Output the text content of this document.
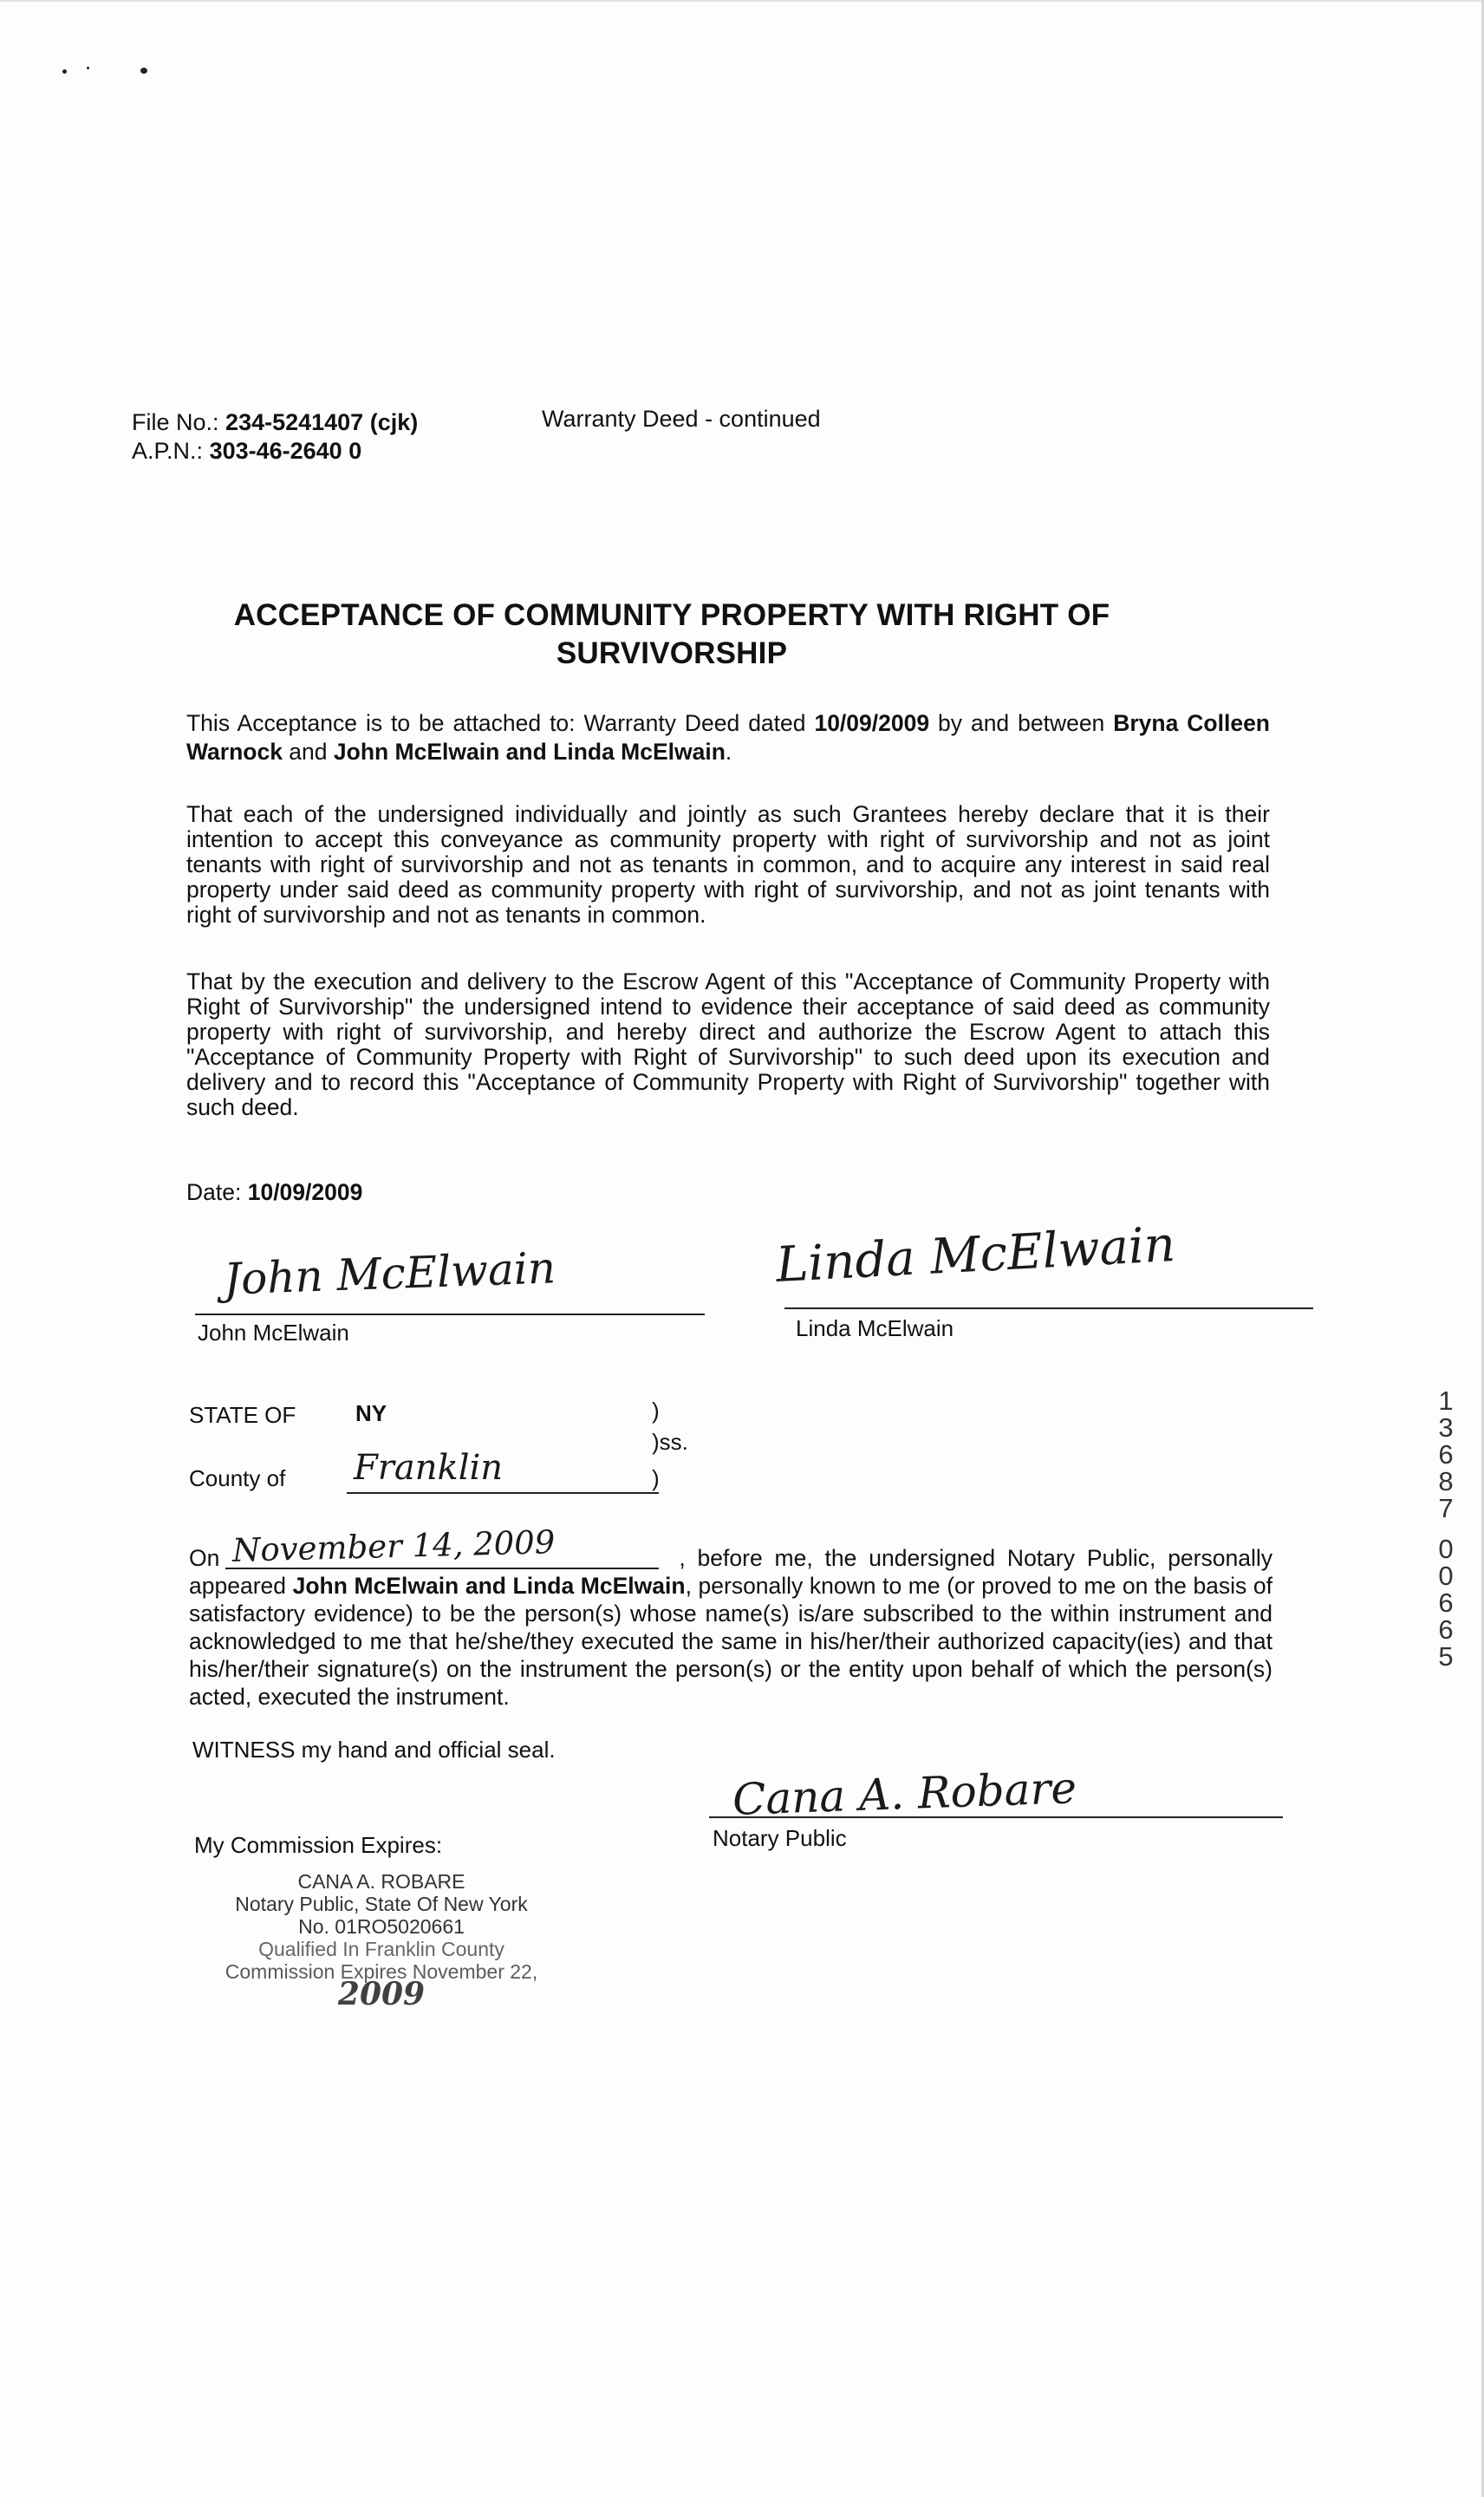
File No.: 234-5241407 (cjk)
A.P.N.: 303-46-2640 0
Warranty Deed - continued
ACCEPTANCE OF COMMUNITY PROPERTY WITH RIGHT OF
SURVIVORSHIP
This Acceptance is to be attached to: Warranty Deed dated 10/09/2009 by and between Bryna Colleen Warnock and John McElwain and Linda McElwain.
That each of the undersigned individually and jointly as such Grantees hereby declare that it is their intention to accept this conveyance as community property with right of survivorship and not as joint tenants with right of survivorship and not as tenants in common, and to acquire any interest in said real property under said deed as community property with right of survivorship, and not as joint tenants with right of survivorship and not as tenants in common.
That by the execution and delivery to the Escrow Agent of this "Acceptance of Community Property with Right of Survivorship" the undersigned intend to evidence their acceptance of said deed as community property with right of survivorship, and hereby direct and authorize the Escrow Agent to attach this "Acceptance of Community Property with Right of Survivorship" to such deed upon its execution and delivery and to record this "Acceptance of Community Property with Right of Survivorship" together with such deed.
Date: 10/09/2009
John McElwain
John McElwain
Linda McElwain
Linda McElwain
STATE OF	NY	)
)ss.
County of Franklin	)
November 14, 2009
On	, before me, the undersigned Notary Public, personally appeared John McElwain and Linda McElwain, personally known to me (or proved to me on the basis of satisfactory evidence) to be the person(s) whose name(s) is/are subscribed to the within instrument and acknowledged to me that he/she/they executed the same in his/her/their authorized capacity(ies) and that his/her/their signature(s) on the instrument the person(s) or the entity upon behalf of which the person(s) acted, executed the instrument.
WITNESS my hand and official seal.
Cana A. Robare
Notary Public
My Commission Expires:
CANA A. ROBARE
Notary Public, State Of New York
No. 01RO5020661
Qualified In Franklin County
Commission Expires November 22, 2009
1
3
6
8
7
0
0
6
6
5
